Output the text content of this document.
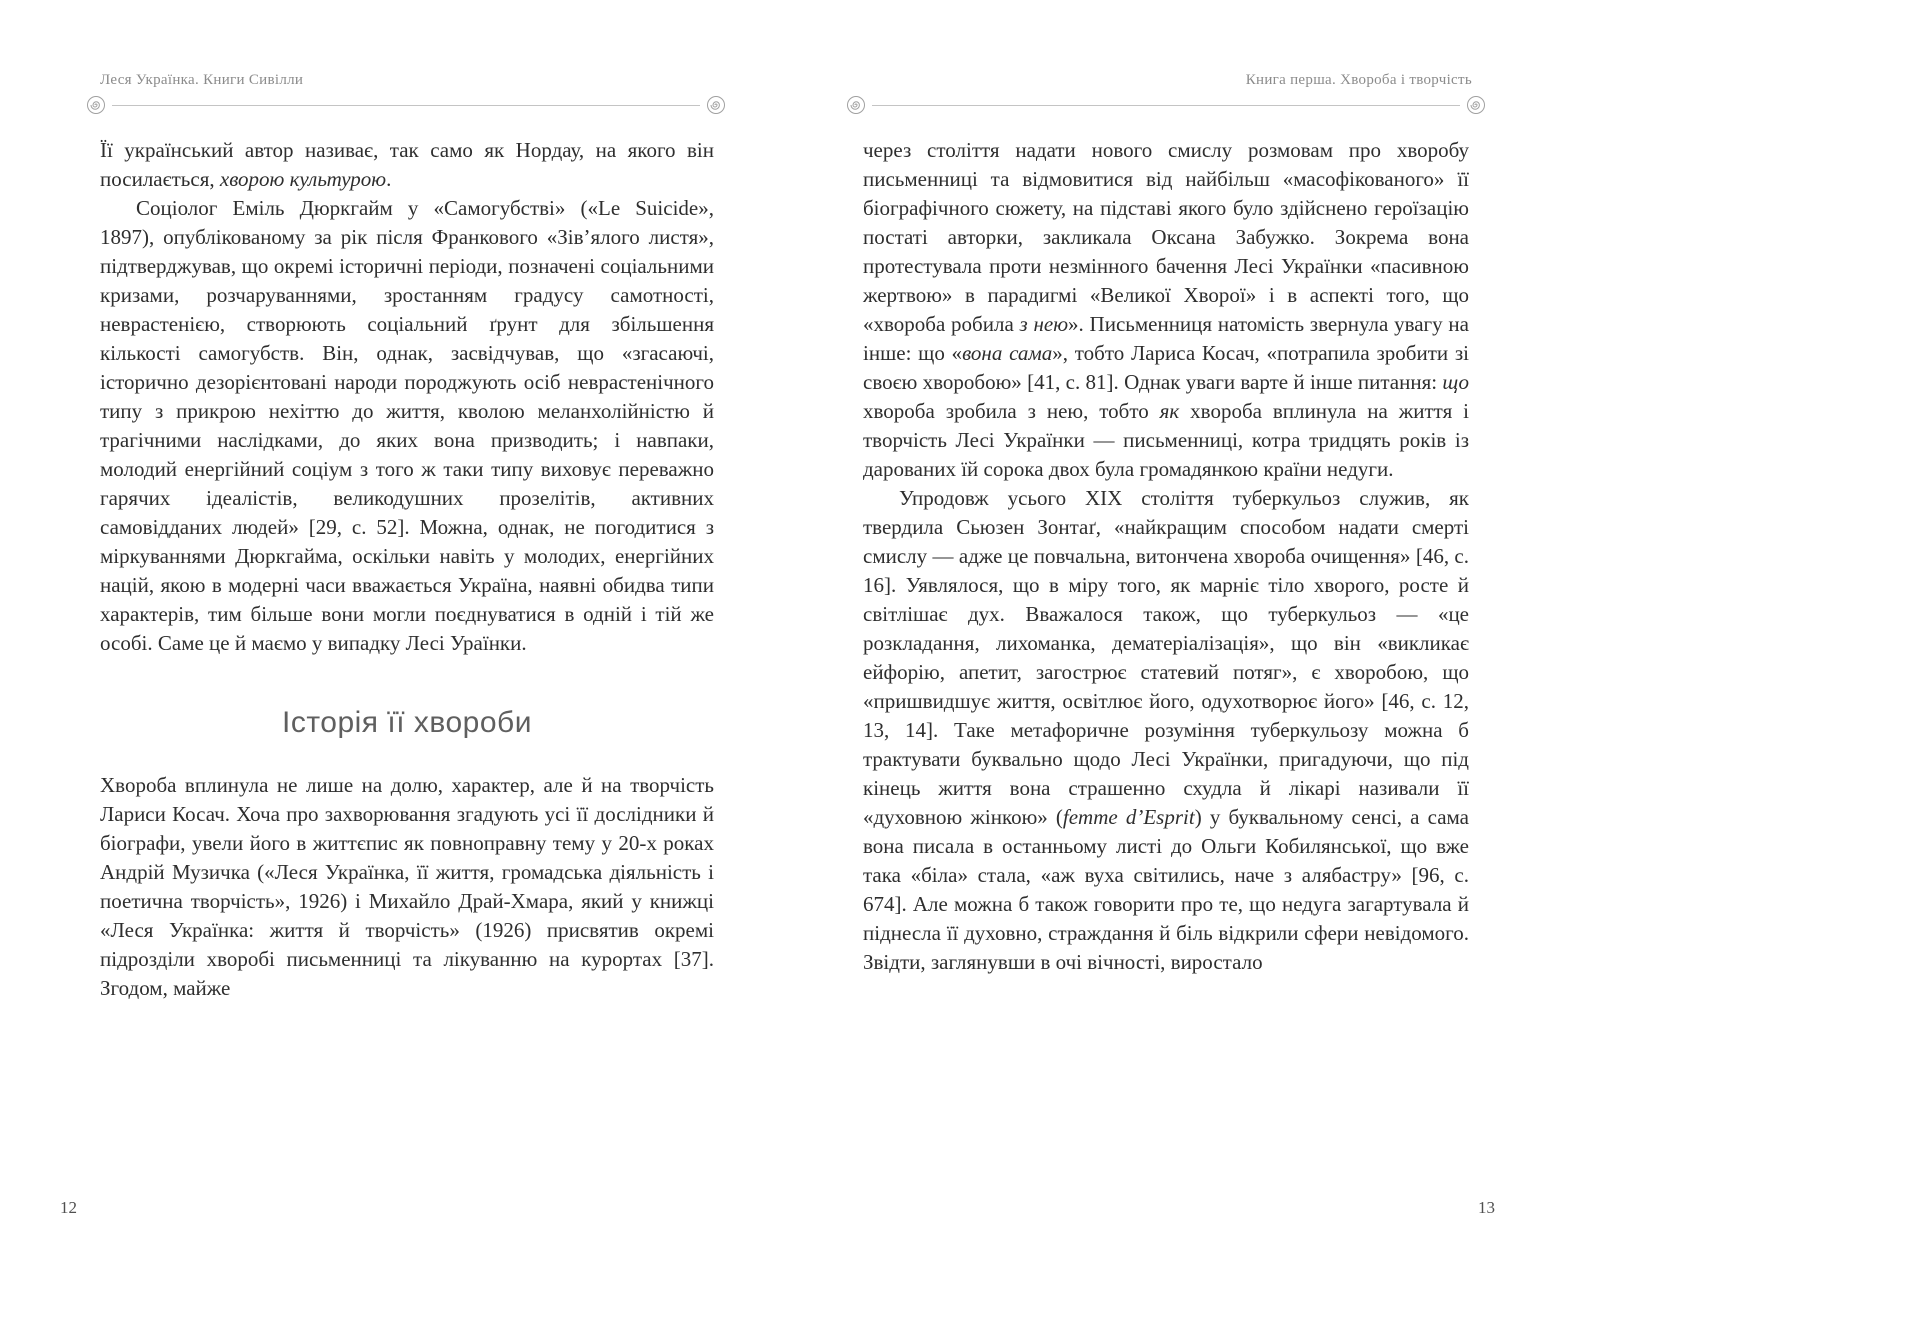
Леся Українка. Книги Сивілли

Її український автор називає, так само як Нордау, на якого він посилається, хворою культурою.

Соціолог Еміль Дюркгайм у «Самогубстві» («Le Suicide», 1897), опублікованому за рік після Франкового «Зів’ялого листя», підтверджував, що окремі історичні періоди, позначені соціальними кризами, розчаруваннями, зростанням градусу самотності, неврастенією, створюють соціальний ґрунт для збільшення кількості самогубств. Він, однак, засвідчував, що «згасаючі, історично дезорієнтовані народи породжують осіб неврастенічного типу з прикрою нехіттю до життя, кволою меланхолійністю й трагічними наслідками, до яких вона призводить; і навпаки, молодий енергійний соціум з того ж таки типу виховує переважно гарячих ідеалістів, великодушних прозелітів, активних самовідданих людей» [29, с. 52]. Можна, однак, не погодитися з міркуваннями Дюркгайма, оскільки навіть у молодих, енергійних націй, якою в модерні часи вважається Україна, наявні обидва типи характерів, тим більше вони могли поєднуватися в одній і тій же особі. Саме це й маємо у випадку Лесі Ураїнки.

Історія її хвороби

Хвороба вплинула не лише на долю, характер, але й на творчість Лариси Косач. Хоча про захворювання згадують усі її дослідники й біографи, увели його в життєпис як повноправну тему у 20-х роках Андрій Музичка («Леся Українка, її життя, громадська діяльність і поетична творчість», 1926) і Михайло Драй-Хмара, який у книжці «Леся Українка: життя й творчість» (1926) присвятив окремі підрозділи хворобі письменниці та лікуванню на курортах [37]. Згодом, майже

Книга перша. Хвороба і творчість

через століття надати нового смислу розмовам про хворобу письменниці та відмовитися від найбільш «масофікованого» її біографічного сюжету, на підставі якого було здійснено героїзацію постаті авторки, закликала Оксана Забужко. Зокрема вона протестувала проти незмінного бачення Лесі Українки «пасивною жертвою» в парадигмі «Великої Хворої» і в аспекті того, що «хвороба робила з нею». Письменниця натомість звернула увагу на інше: що «вона сама», тобто Лариса Косач, «потрапила зробити зі своєю хворобою» [41, с. 81]. Однак уваги варте й інше питання: що хвороба зробила з нею, тобто як хвороба вплинула на життя і творчість Лесі Українки — письменниці, котра тридцять років із дарованих їй сорока двох була громадянкою країни недуги.

Упродовж усього XIX століття туберкульоз служив, як твердила Сьюзен Зонтаґ, «найкращим способом надати смерті смислу — адже це повчальна, витончена хвороба очищення» [46, с. 16]. Уявлялося, що в міру того, як марніє тіло хворого, росте й світлішає дух. Вважалося також, що туберкульоз — «це розкладання, лихоманка, дематеріалізація», що він «викликає ейфорію, апетит, загострює статевий потяг», є хворобою, що «пришвидшує життя, освітлює його, одухотворює його» [46, с. 12, 13, 14]. Таке метафоричне розуміння туберкульозу можна б трактувати буквально щодо Лесі Українки, пригадуючи, що під кінець життя вона страшенно схудла й лікарі називали її «духовною жінкою» (femme d’Esprit) у буквальному сенсі, а сама вона писала в останньому листі до Ольги Кобилянської, що вже така «біла» стала, «аж вуха світились, наче з алябастру» [96, с. 674]. Але можна б також говорити про те, що недуга загартувала й піднесла її духовно, страждання й біль відкрили сфери невідомого. Звідти, заглянувши в очі вічності, виростало

12	13
